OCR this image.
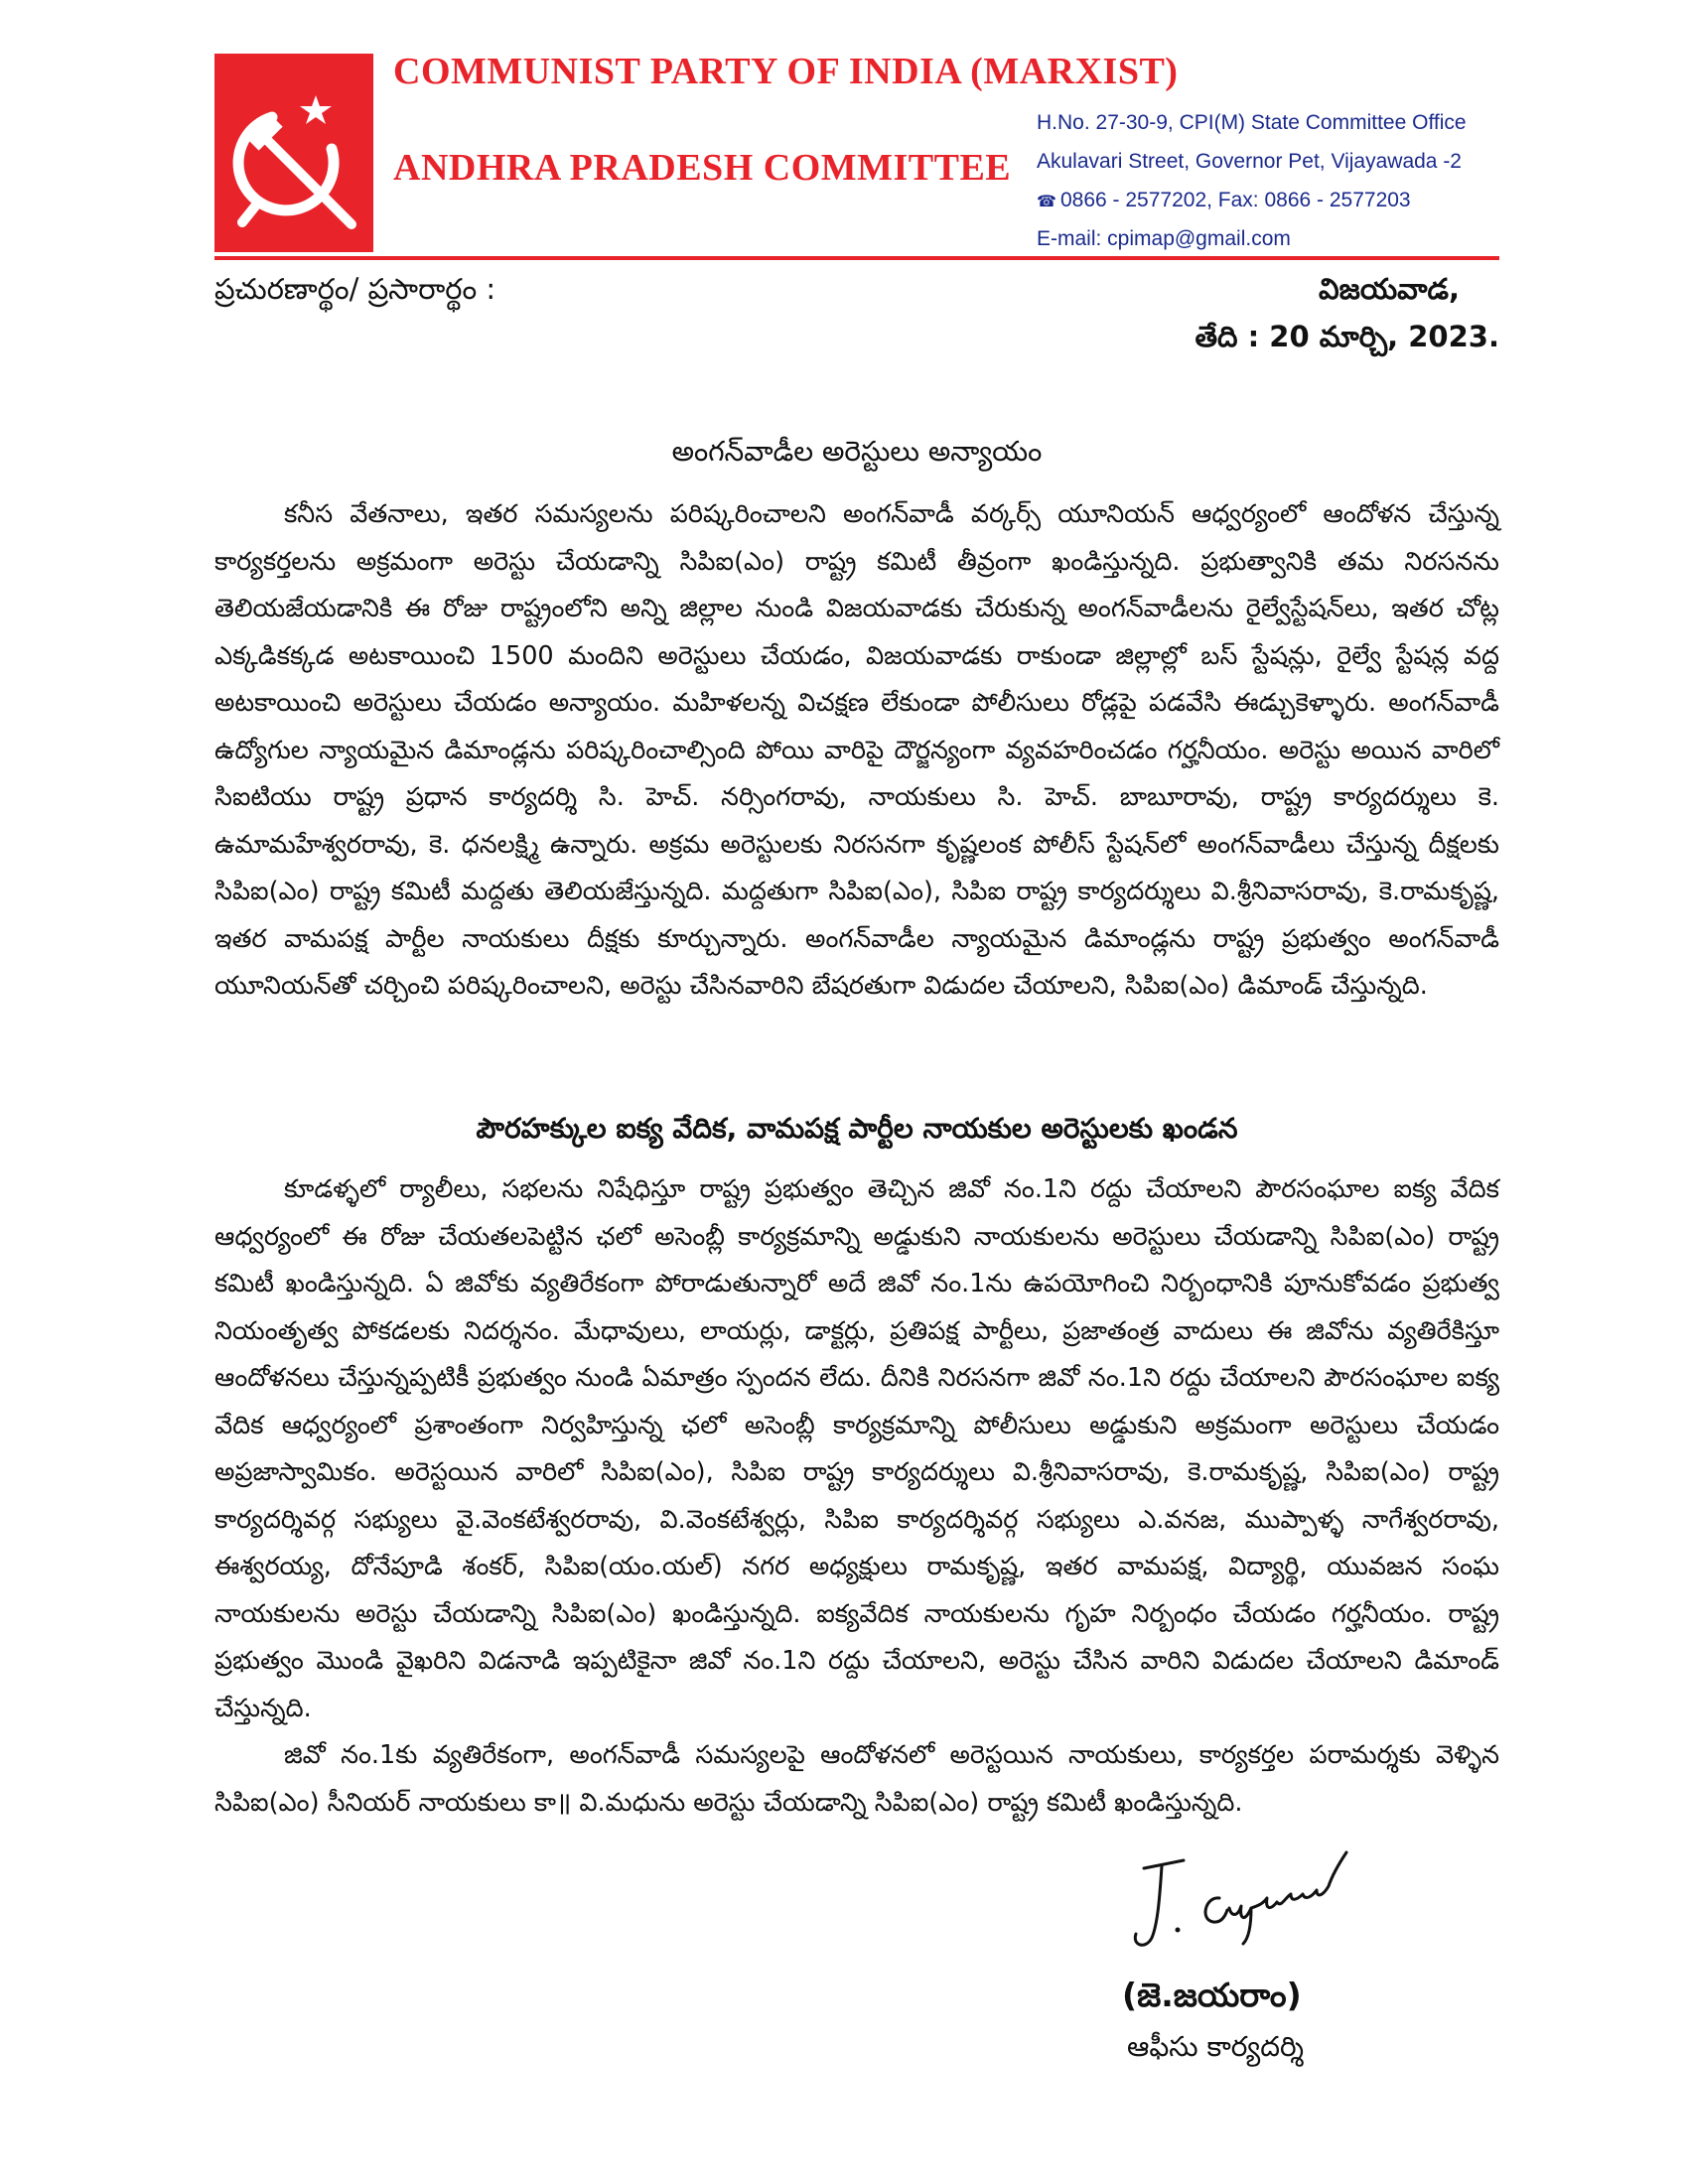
COMMUNIST PARTY OF INDIA (MARXIST)
ANDHRA PRADESH COMMITTEE
H.No. 27-30-9, CPI(M) State Committee Office
Akulavari Street, Governor Pet, Vijayawada -2
☎ 0866 - 2577202, Fax: 0866 - 2577203
E-mail: cpimap@gmail.com
ప్రచురణార్థం/ ప్రసారార్థం :	విజయవాడ,
తేది : 20 మార్చి, 2023.
అంగన్‌వాడీల అరెస్టులు అన్యాయం

కనీస వేతనాలు, ఇతర సమస్యలను పరిష్కరించాలని అంగన్‌వాడీ వర్కర్స్ యూనియన్ ఆధ్వర్యంలో ఆందోళన చేస్తున్న కార్యకర్తలను అక్రమంగా అరెస్టు చేయడాన్ని సిపిఐ(ఎం) రాష్ట్ర కమిటీ తీవ్రంగా ఖండిస్తున్నది. ప్రభుత్వానికి తమ నిరసనను తెలియజేయడానికి ఈ రోజు రాష్ట్రంలోని అన్ని జిల్లాల నుండి విజయవాడకు చేరుకున్న అంగన్‌వాడీలను రైల్వేస్టేషన్‌లు, ఇతర చోట్ల ఎక్కడికక్కడ అటకాయించి 1500 మందిని అరెస్టులు చేయడం, విజయవాడకు రాకుండా జిల్లాల్లో బస్ స్టేషన్లు, రైల్వే స్టేషన్ల వద్ద అటకాయించి అరెస్టులు చేయడం అన్యాయం. మహిళలన్న విచక్షణ లేకుండా పోలీసులు రోడ్లపై పడవేసి ఈడ్చుకెళ్ళారు. అంగన్‌వాడీ ఉద్యోగుల న్యాయమైన డిమాండ్లను పరిష్కరించాల్సింది పోయి వారిపై దౌర్జన్యంగా వ్యవహరించడం గర్హనీయం. అరెస్టు అయిన వారిలో సిఐటియు రాష్ట్ర ప్రధాన కార్యదర్శి సి. హెచ్. నర్సింగరావు, నాయకులు సి. హెచ్. బాబూరావు, రాష్ట్ర కార్యదర్శులు కె. ఉమామహేశ్వరరావు, కె. ధనలక్ష్మి ఉన్నారు. అక్రమ అరెస్టులకు నిరసనగా కృష్ణలంక పోలీస్ స్టేషన్‌లో అంగన్‌వాడీలు చేస్తున్న దీక్షలకు సిపిఐ(ఎం) రాష్ట్ర కమిటీ మద్దతు తెలియజేస్తున్నది. మద్దతుగా సిపిఐ(ఎం), సిపిఐ రాష్ట్ర కార్యదర్శులు వి.శ్రీనివాసరావు, కె.రామకృష్ణ, ఇతర వామపక్ష పార్టీల నాయకులు దీక్షకు కూర్చున్నారు. అంగన్‌వాడీల న్యాయమైన డిమాండ్లను రాష్ట్ర ప్రభుత్వం అంగన్‌వాడీ యూనియన్‌తో చర్చించి పరిష్కరించాలని, అరెస్టు చేసినవారిని బేషరతుగా విడుదల చేయాలని, సిపిఐ(ఎం) డిమాండ్ చేస్తున్నది.

పౌరహక్కుల ఐక్య వేదిక, వామపక్ష పార్టీల నాయకుల అరెస్టులకు ఖండన

కూడళ్ళలో ర్యాలీలు, సభలను నిషేధిస్తూ రాష్ట్ర ప్రభుత్వం తెచ్చిన జివో నం.1ని రద్దు చేయాలని పౌరసంఘాల ఐక్య వేదిక ఆధ్వర్యంలో ఈ రోజు చేయతలపెట్టిన ఛలో అసెంబ్లీ కార్యక్రమాన్ని అడ్డుకుని నాయకులను అరెస్టులు చేయడాన్ని సిపిఐ(ఎం) రాష్ట్ర కమిటీ ఖండిస్తున్నది. ఏ జివోకు వ్యతిరేకంగా పోరాడుతున్నారో అదే జివో నం.1ను ఉపయోగించి నిర్బంధానికి పూనుకోవడం ప్రభుత్వ నియంతృత్వ పోకడలకు నిదర్శనం. మేధావులు, లాయర్లు, డాక్టర్లు, ప్రతిపక్ష పార్టీలు, ప్రజాతంత్ర వాదులు ఈ జివోను వ్యతిరేకిస్తూ ఆందోళనలు చేస్తున్నప్పటికీ ప్రభుత్వం నుండి ఏమాత్రం స్పందన లేదు. దీనికి నిరసనగా జివో నం.1ని రద్దు చేయాలని పౌరసంఘాల ఐక్య వేదిక ఆధ్వర్యంలో ప్రశాంతంగా నిర్వహిస్తున్న ఛలో అసెంబ్లీ కార్యక్రమాన్ని పోలీసులు అడ్డుకుని అక్రమంగా అరెస్టులు చేయడం అప్రజాస్వామికం. అరెస్టయిన వారిలో సిపిఐ(ఎం), సిపిఐ రాష్ట్ర కార్యదర్శులు వి.శ్రీనివాసరావు, కె.రామకృష్ణ, సిపిఐ(ఎం) రాష్ట్ర కార్యదర్శివర్గ సభ్యులు వై.వెంకటేశ్వరరావు, వి.వెంకటేశ్వర్లు, సిపిఐ కార్యదర్శివర్గ సభ్యులు ఎ.వనజ, ముప్పాళ్ళ నాగేశ్వరరావు, ఈశ్వరయ్య, దోనేపూడి శంకర్, సిపిఐ(యం.యల్) నగర అధ్యక్షులు రామకృష్ణ, ఇతర వామపక్ష, విద్యార్థి, యువజన సంఘ నాయకులను అరెస్టు చేయడాన్ని సిపిఐ(ఎం) ఖండిస్తున్నది. ఐక్యవేదిక నాయకులను గృహ నిర్బంధం చేయడం గర్హనీయం. రాష్ట్ర ప్రభుత్వం మొండి వైఖరిని విడనాడి ఇప్పటికైనా జివో నం.1ని రద్దు చేయాలని, అరెస్టు చేసిన వారిని విడుదల చేయాలని డిమాండ్ చేస్తున్నది.

జివో నం.1కు వ్యతిరేకంగా, అంగన్‌వాడీ సమస్యలపై ఆందోళనలో అరెస్టయిన నాయకులు, కార్యకర్తల పరామర్శకు వెళ్ళిన సిపిఐ(ఎం) సీనియర్ నాయకులు కా॥ వి.మధును అరెస్టు చేయడాన్ని సిపిఐ(ఎం) రాష్ట్ర కమిటీ ఖండిస్తున్నది.

(జె.జయరాం)
ఆఫీసు కార్యదర్శి
